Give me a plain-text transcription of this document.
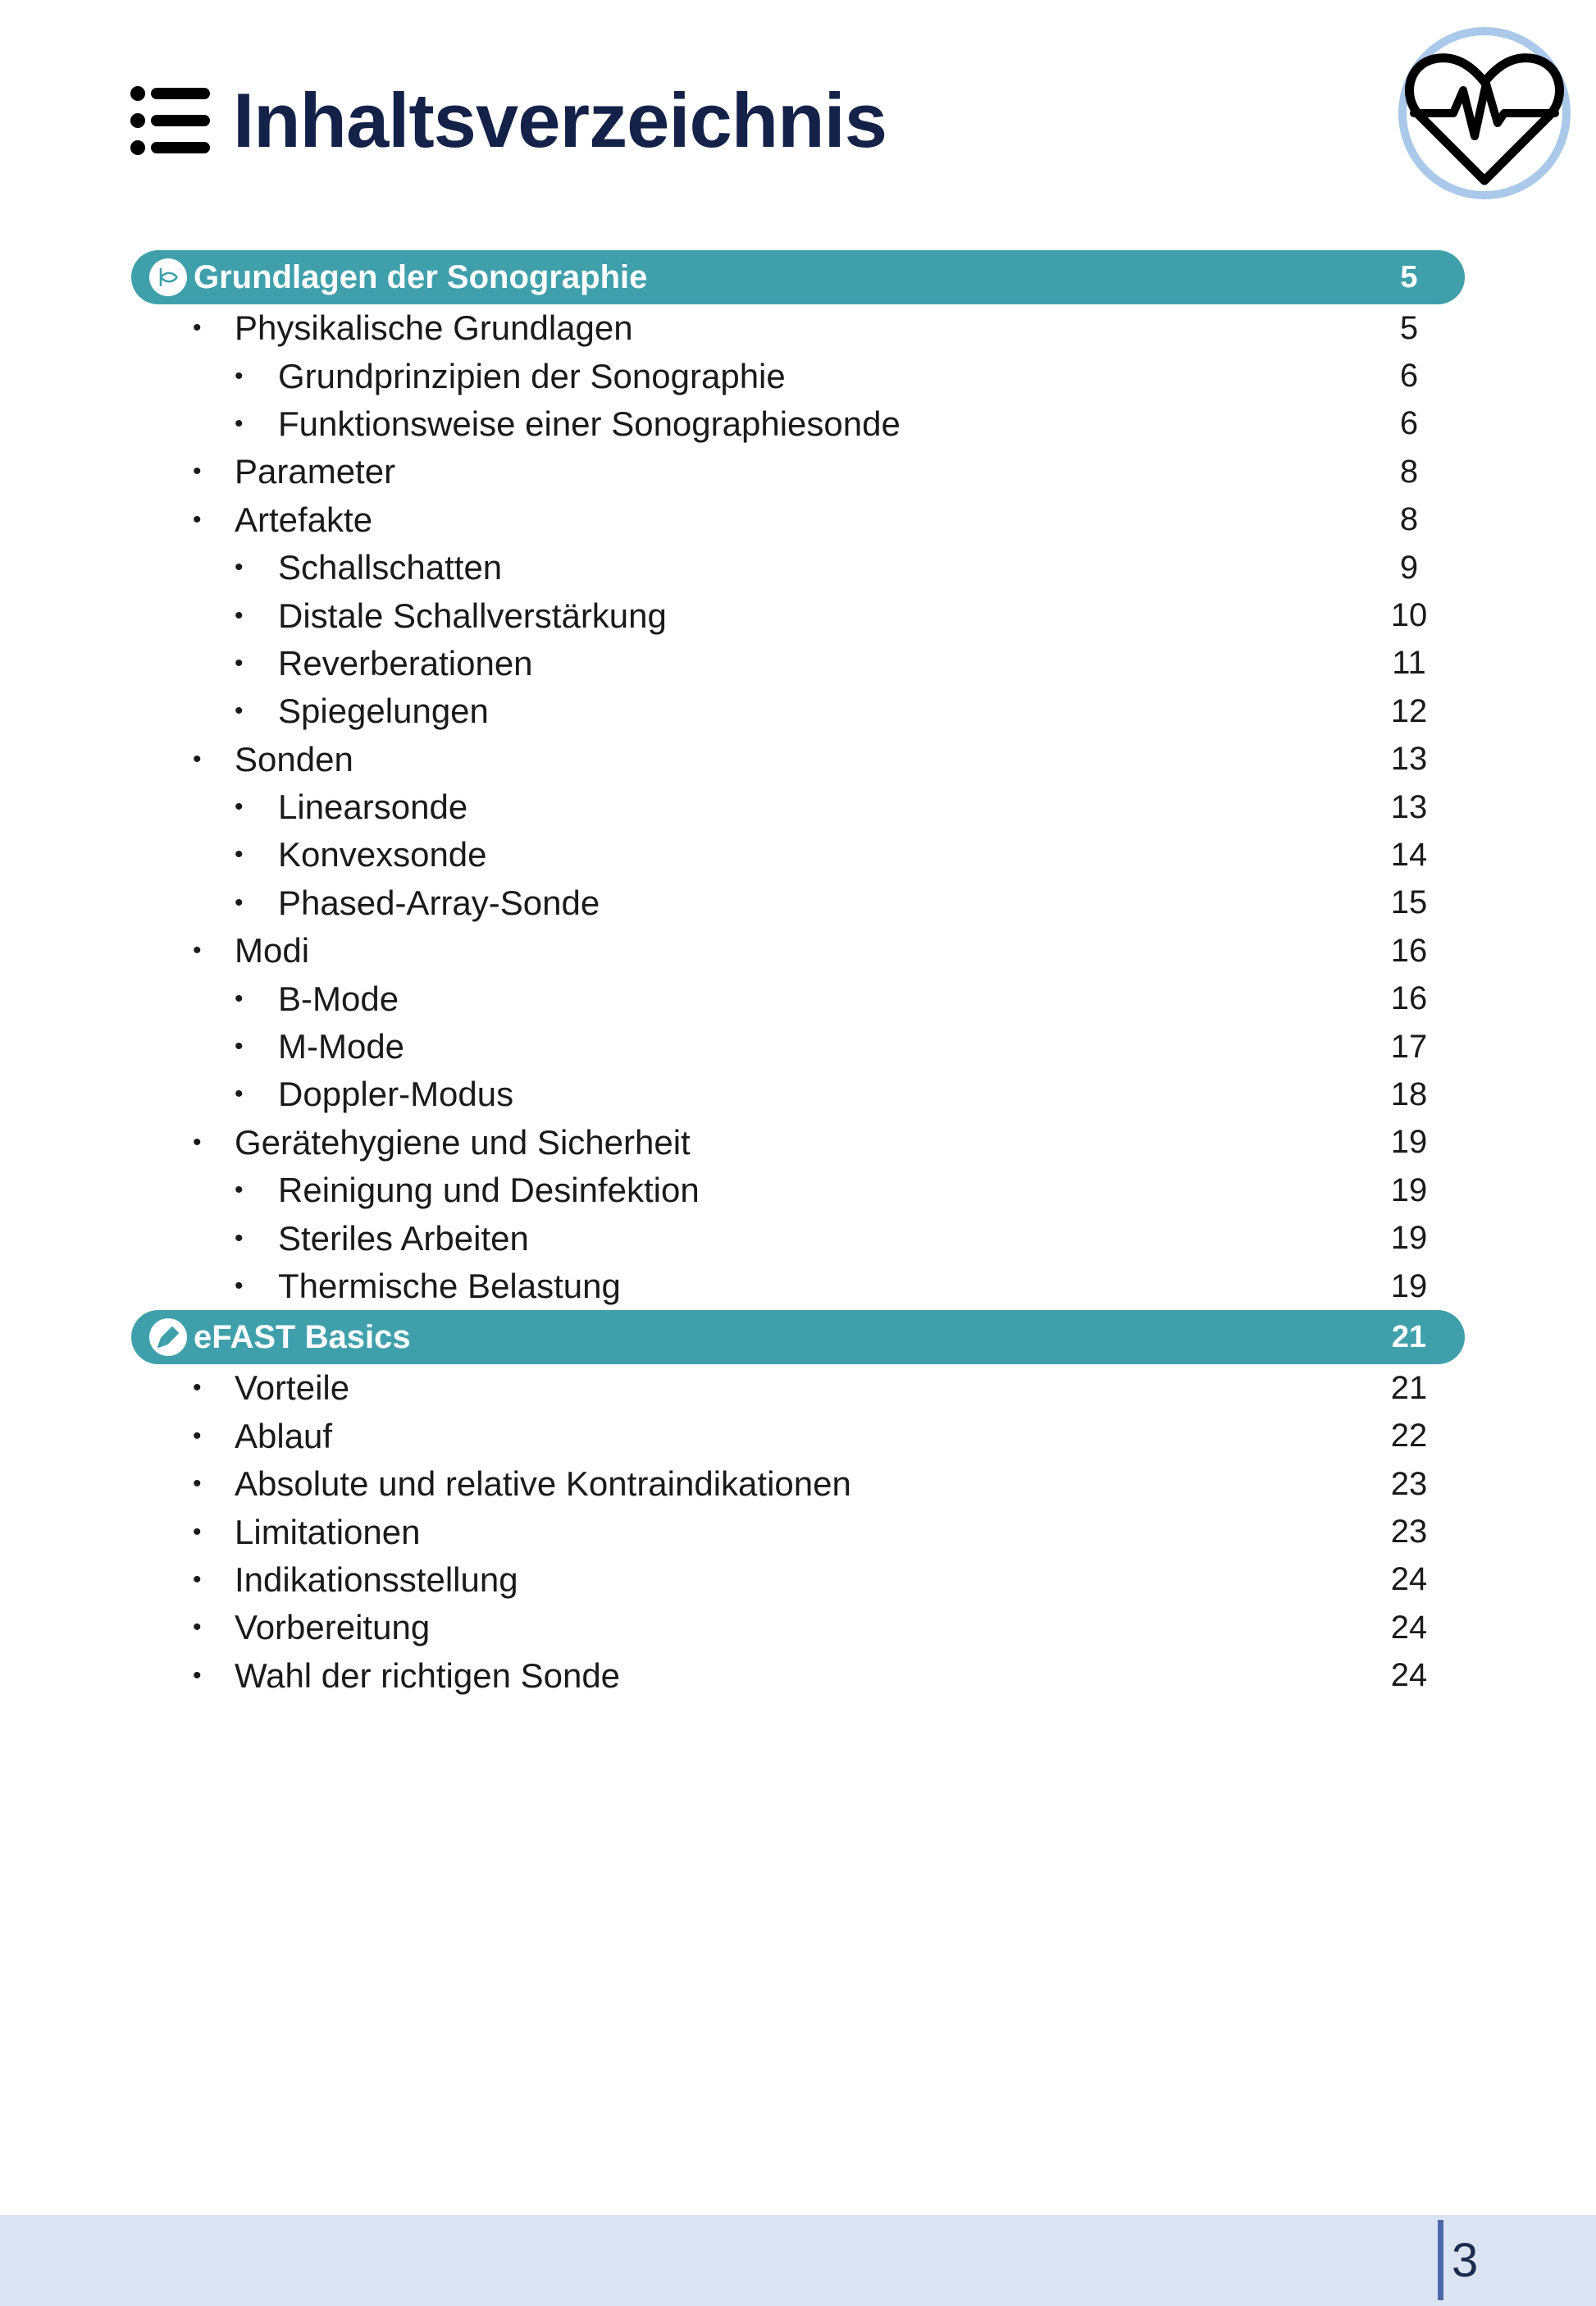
Inhaltsverzeichnis
Grundlagen der Sonographie	5
• Physikalische Grundlagen	5
• Grundprinzipien der Sonographie	6
• Funktionsweise einer Sonographiesonde	6
• Parameter	8
• Artefakte	8
• Schallschatten	9
• Distale Schallverstärkung	10
• Reverberationen	11
• Spiegelungen	12
• Sonden	13
• Linearsonde	13
• Konvexsonde	14
• Phased-Array-Sonde	15
• Modi	16
• B-Mode	16
• M-Mode	17
• Doppler-Modus	18
• Gerätehygiene und Sicherheit	19
• Reinigung und Desinfektion	19
• Steriles Arbeiten	19
• Thermische Belastung	19
eFAST Basics	21
• Vorteile	21
• Ablauf	22
• Absolute und relative Kontraindikationen	23
• Limitationen	23
• Indikationsstellung	24
• Vorbereitung	24
• Wahl der richtigen Sonde	24
3
